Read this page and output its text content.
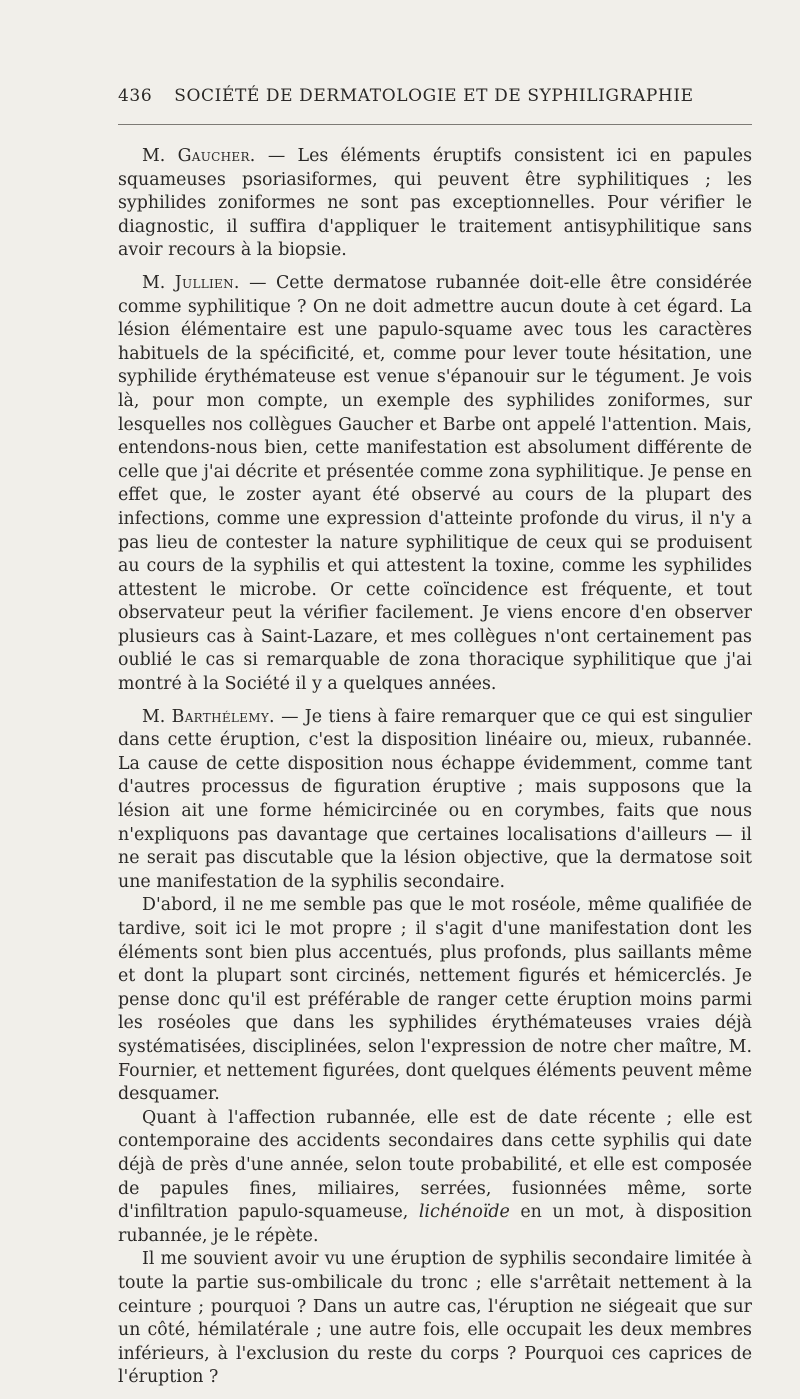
436 SOCIÉTÉ DE DERMATOLOGIE ET DE SYPHILIGRAPHIE

M. Gaucher. — Les éléments éruptifs consistent ici en papules squameuses psoriasiformes, qui peuvent être syphilitiques ; les syphilides zoniformes ne sont pas exceptionnelles. Pour vérifier le diagnostic, il suffira d'appliquer le traitement antisyphilitique sans avoir recours à la biopsie.

M. Jullien. — Cette dermatose rubannée doit-elle être considérée comme syphilitique ? On ne doit admettre aucun doute à cet égard. La lésion élémentaire est une papulo-squame avec tous les caractères habituels de la spécificité, et, comme pour lever toute hésitation, une syphilide érythémateuse est venue s'épanouir sur le tégument. Je vois là, pour mon compte, un exemple des syphilides zoniformes, sur lesquelles nos collègues Gaucher et Barbe ont appelé l'attention. Mais, entendons-nous bien, cette manifestation est absolument différente de celle que j'ai décrite et présentée comme zona syphilitique. Je pense en effet que, le zoster ayant été observé au cours de la plupart des infections, comme une expression d'atteinte profonde du virus, il n'y a pas lieu de contester la nature syphilitique de ceux qui se produisent au cours de la syphilis et qui attestent la toxine, comme les syphilides attestent le microbe. Or cette coïncidence est fréquente, et tout observateur peut la vérifier facilement. Je viens encore d'en observer plusieurs cas à Saint-Lazare, et mes collègues n'ont certainement pas oublié le cas si remarquable de zona thoracique syphilitique que j'ai montré à la Société il y a quelques années.

M. Barthélemy. — Je tiens à faire remarquer que ce qui est singulier dans cette éruption, c'est la disposition linéaire ou, mieux, rubannée. La cause de cette disposition nous échappe évidemment, comme tant d'autres processus de figuration éruptive ; mais supposons que la lésion ait une forme hémicircinée ou en corymbes, faits que nous n'expliquons pas davantage que certaines localisations d'ailleurs — il ne serait pas discutable que la lésion objective, que la dermatose soit une manifestation de la syphilis secondaire.

D'abord, il ne me semble pas que le mot roséole, même qualifiée de tardive, soit ici le mot propre ; il s'agit d'une manifestation dont les éléments sont bien plus accentués, plus profonds, plus saillants même et dont la plupart sont circinés, nettement figurés et hémicerclés. Je pense donc qu'il est préférable de ranger cette éruption moins parmi les roséoles que dans les syphilides érythémateuses vraies déjà systématisées, disciplinées, selon l'expression de notre cher maître, M. Fournier, et nettement figurées, dont quelques éléments peuvent même desquamer.

Quant à l'affection rubannée, elle est de date récente ; elle est contemporaine des accidents secondaires dans cette syphilis qui date déjà de près d'une année, selon toute probabilité, et elle est composée de papules fines, miliaires, serrées, fusionnées même, sorte d'infiltration papulo-squameuse, lichénoïde en un mot, à disposition rubannée, je le répète.

Il me souvient avoir vu une éruption de syphilis secondaire limitée à toute la partie sus-ombilicale du tronc ; elle s'arrêtait nettement à la ceinture ; pourquoi ? Dans un autre cas, l'éruption ne siégeait que sur un côté, hémilatérale ; une autre fois, elle occupait les deux membres inférieurs, à l'exclusion du reste du corps ? Pourquoi ces caprices de l'éruption ?
